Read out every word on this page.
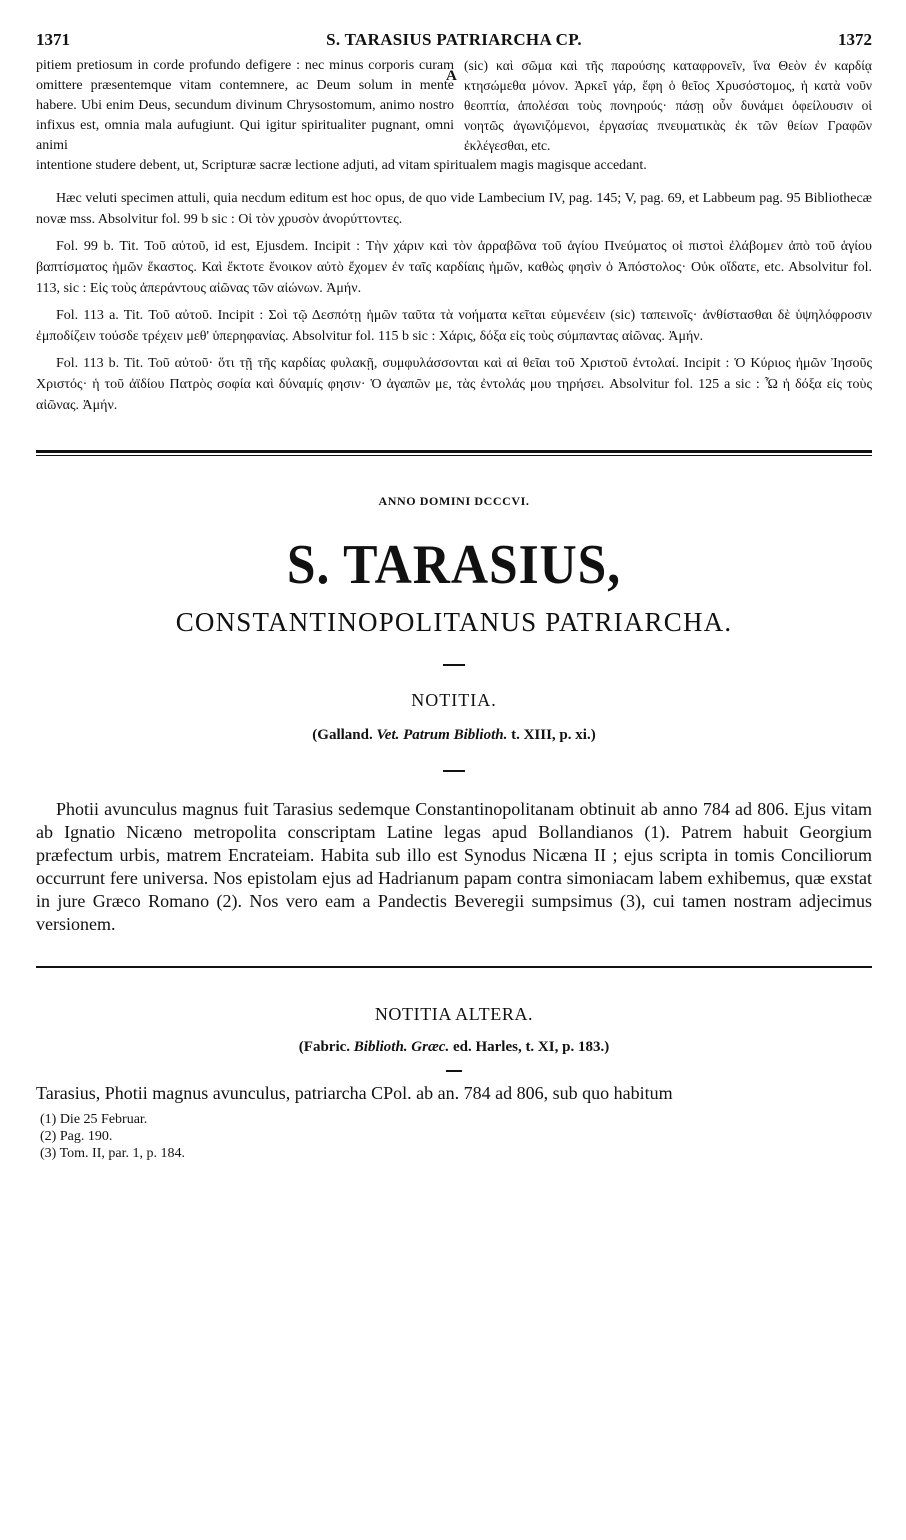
1371	S. TARASIUS PATRIARCHA CP.	1372
pitiem pretiosum in corde profundo defigere : nec minus corporis curam omittere præsentemque vitam contemnere, ac Deum solum in mente habere. Ubi enim Deus, secundum divinum Chrysostomum, animo nostro infixus est, omnia mala aufugiunt. Qui igitur spiritualiter pugnant, omni animi
A
(sic) καὶ σῶμα καὶ τῆς παρούσης καταφρονεῖν, ἵνα Θεὸν ἐν καρδίᾳ κτησώμεθα μόνον. Ἀρκεῖ γάρ, ἔφη ὁ θεῖος Χρυσόστομος, ἡ κατὰ νοῦν θεοπτία, ἀπολέσαι τοὺς πονηρούς· πάσῃ οὖν δυνάμει ὀφείλουσιν οἱ νοητῶς ἀγωνιζόμενοι, ἐργασίας πνευματικὰς ἐκ τῶν θείων Γραφῶν ἐκλέγεσθαι, etc.
intentione studere debent, ut, Scripturæ sacræ lectione adjuti, ad vitam spiritualem magis magisque accedant.
Hæc veluti specimen attuli, quia necdum editum est hoc opus, de quo vide Lambecium IV, pag. 145; V, pag. 69, et Labbeum pag. 95 Bibliothecæ novæ mss. Absolvitur fol. 99 b sic : Οἱ τὸν χρυσὸν ἀνορύττοντες.
Fol. 99 b. Tit. Τοῦ αὐτοῦ, id est, Ejusdem. Incipit : Τὴν χάριν καὶ τὸν ἀρραβῶνα τοῦ ἁγίου Πνεύματος οἱ πιστοὶ ἐλάβομεν ἀπὸ τοῦ ἁγίου βαπτίσματος ἡμῶν ἕκαστος. Καὶ ἔκτοτε ἔνοικον αὐτὸ ἔχομεν ἐν ταῖς καρδίαις ἡμῶν, καθὼς φησὶν ὁ Ἀπόστολος· Οὐκ οἴδατε, etc. Absolvitur fol. 113, sic : Εἰς τοὺς ἀπεράντους αἰῶνας τῶν αἰώνων. Ἀμήν.
Fol. 113 a. Tit. Τοῦ αὐτοῦ. Incipit : Σοὶ τῷ Δεσπότῃ ἡμῶν ταῦτα τὰ νοήματα κεῖται εὐμενέειν (sic) ταπεινοῖς· ἀνθίστασθαι δὲ ὑψηλόφροσιν ἐμποδίζειν τούσδε τρέχειν μεθ' ὑπερηφανίας. Absolvitur fol. 115 b sic : Χάρις, δόξα εἰς τοὺς σύμπαντας αἰῶνας. Ἀμήν.
Fol. 113 b. Tit. Τοῦ αὐτοῦ· ὅτι τῇ τῆς καρδίας φυλακῇ, συμφυλάσσονται καὶ αἱ θεῖαι τοῦ Χριστοῦ ἐντολαί. Incipit : Ὁ Κύριος ἡμῶν Ἰησοῦς Χριστός· ἡ τοῦ ἀϊδίου Πατρὸς σοφία καὶ δύναμίς φησιν· Ὁ ἀγαπῶν με, τὰς ἐντολάς μου τηρήσει. Absolvitur fol. 125 a sic : Ὦ ἡ δόξα εἰς τοὺς αἰῶνας. Ἀμήν.
ANNO DOMINI DCCCVI.
S. TARASIUS,
CONSTANTINOPOLITANUS PATRIARCHA.
NOTITIA.
(Galland. Vet. Patrum Biblioth. t. XIII, p. xi.)
Photii avunculus magnus fuit Tarasius sedemque Constantinopolitanam obtinuit ab anno 784 ad 806. Ejus vitam ab Ignatio Nicæno metropolita conscriptam Latine legas apud Bollandianos (1). Patrem habuit Georgium præfectum urbis, matrem Encrateiam. Habita sub illo est Synodus Nicæna II ; ejus scripta in tomis Conciliorum occurrunt fere universa. Nos epistolam ejus ad Hadrianum papam contra simoniacam labem exhibemus, quæ exstat in jure Græco Romano (2). Nos vero eam a Pandectis Beveregii sumpsimus (3), cui tamen nostram adjecimus versionem.
NOTITIA ALTERA.
(Fabric. Biblioth. Græc. ed. Harles, t. XI, p. 183.)
Tarasius, Photii magnus avunculus, patriarcha CPol. ab an. 784 ad 806, sub quo habitum
(1) Die 25 Februar.
(2) Pag. 190.
(3) Tom. II, par. 1, p. 184.
